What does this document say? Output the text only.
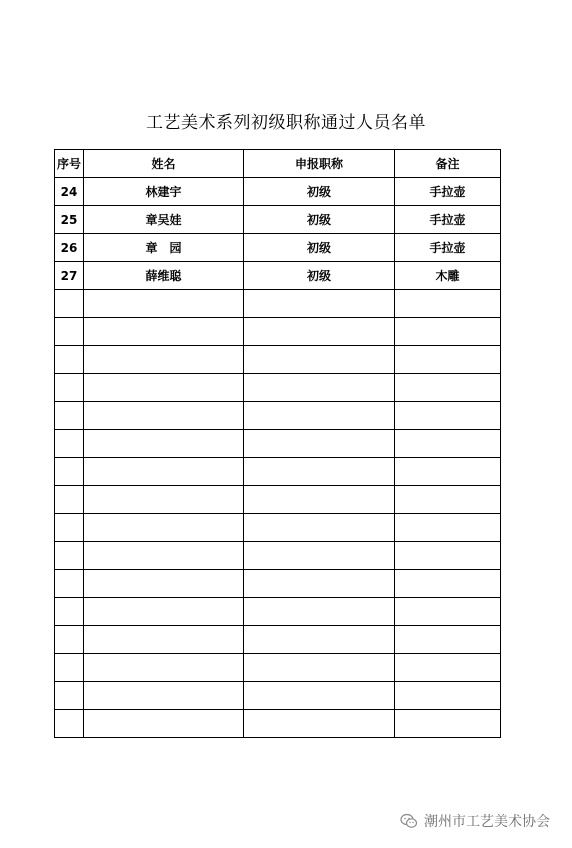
工艺美术系列初级职称通过人员名单
序号	姓名	申报职称	备注
24	林建宇	初级	手拉壶
25	章吴娃	初级	手拉壶
26	章　园	初级	手拉壶
27	薛维聪	初级	木雕

潮州市工艺美术协会
